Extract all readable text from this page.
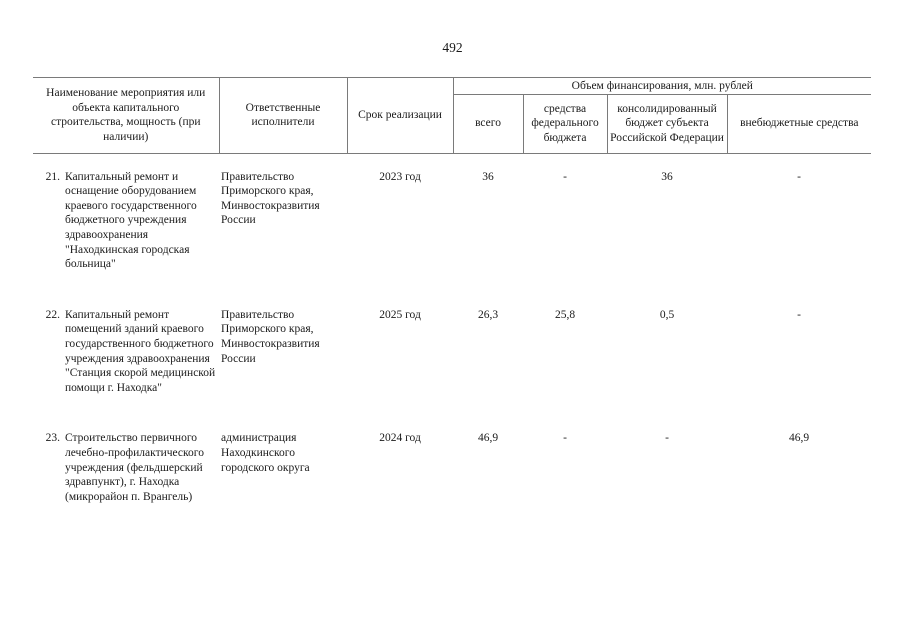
492
Наименование мероприятия или объекта капитального строительства, мощность (при наличии)		Ответственные исполнители	Срок реализации	Объем финансирования, млн. рублей			
				всего	средства федерального бюджета	консолидированный бюджет субъекта Российской Федерации	внебюджетные средства
21.	Капитальный ремонт и оснащение оборудованием краевого государственного бюджетного учреждения здравоохранения "Находкинская городская больница"	Правительство Приморского края, Минвостокразвития России	2023 год	36	-	36	-
22.	Капитальный ремонт помещений зданий краевого государственного бюджетного учреждения здравоохранения "Станция скорой медицинской помощи г. Находка"	Правительство Приморского края, Минвостокразвития России	2025 год	26,3	25,8	0,5	-
23.	Строительство первичного лечебно-профилактического учреждения (фельдшерский здравпункт), г. Находка (микрорайон п. Врангель)	администрация Находкинского городского округа	2024 год	46,9	-	-	46,9
